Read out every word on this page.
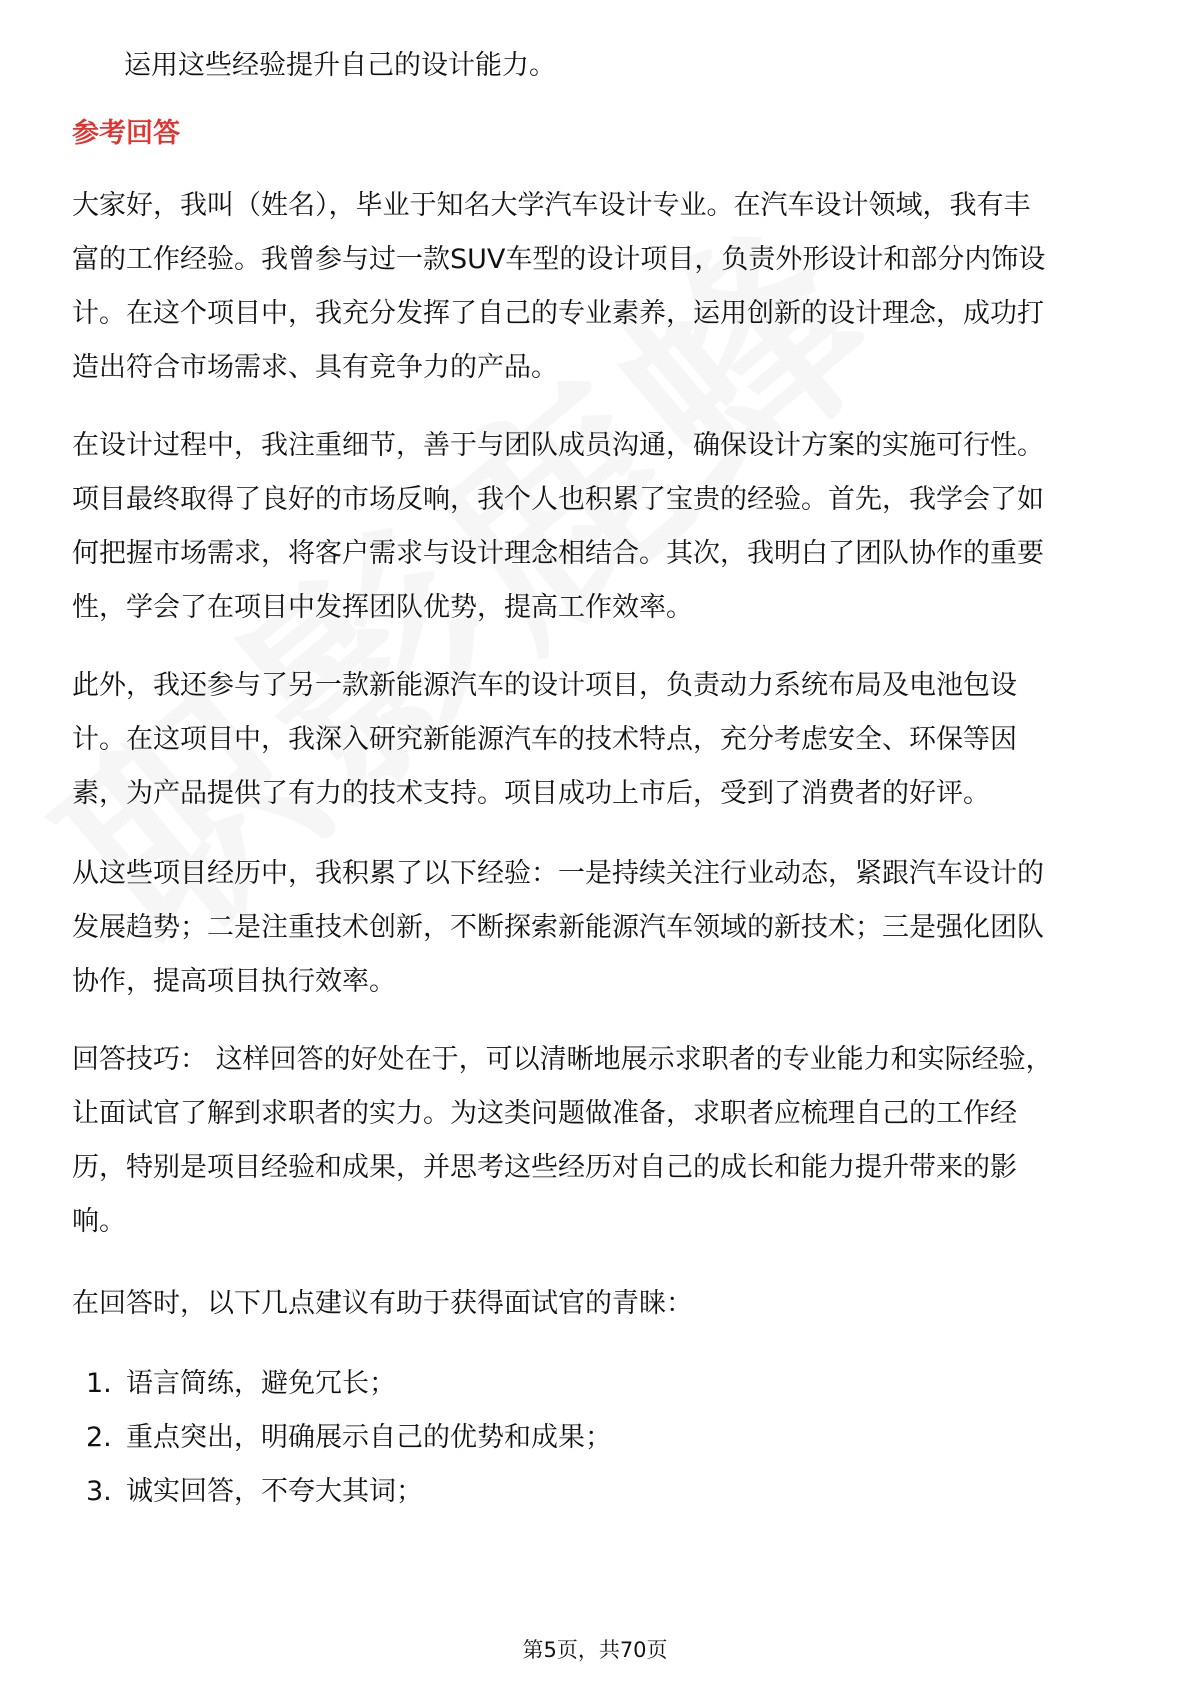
运用这些经验提升自己的设计能力。
参考回答
大家好，我叫（姓名），毕业于知名大学汽车设计专业。在汽车设计领域，我有丰
富的工作经验。我曾参与过一款SUV车型的设计项目，负责外形设计和部分内饰设
计。在这个项目中，我充分发挥了自己的专业素养，运用创新的设计理念，成功打
造出符合市场需求、具有竞争力的产品。
在设计过程中，我注重细节，善于与团队成员沟通，确保设计方案的实施可行性。
项目最终取得了良好的市场反响，我个人也积累了宝贵的经验。首先，我学会了如
何把握市场需求，将客户需求与设计理念相结合。其次，我明白了团队协作的重要
性，学会了在项目中发挥团队优势，提高工作效率。
此外，我还参与了另一款新能源汽车的设计项目，负责动力系统布局及电池包设
计。在这项目中，我深入研究新能源汽车的技术特点，充分考虑安全、环保等因
素，为产品提供了有力的技术支持。项目成功上市后，受到了消费者的好评。
从这些项目经历中，我积累了以下经验：一是持续关注行业动态，紧跟汽车设计的
发展趋势；二是注重技术创新，不断探索新能源汽车领域的新技术；三是强化团队
协作，提高项目执行效率。
回答技巧： 这样回答的好处在于，可以清晰地展示求职者的专业能力和实际经验，
让面试官了解到求职者的实力。为这类问题做准备，求职者应梳理自己的工作经
历，特别是项目经验和成果，并思考这些经历对自己的成长和能力提升带来的影
响。
在回答时，以下几点建议有助于获得面试官的青睐：
1. 语言简练，避免冗长；
2. 重点突出，明确展示自己的优势和成果；
3. 诚实回答，不夸大其词；
第5页，共70页
